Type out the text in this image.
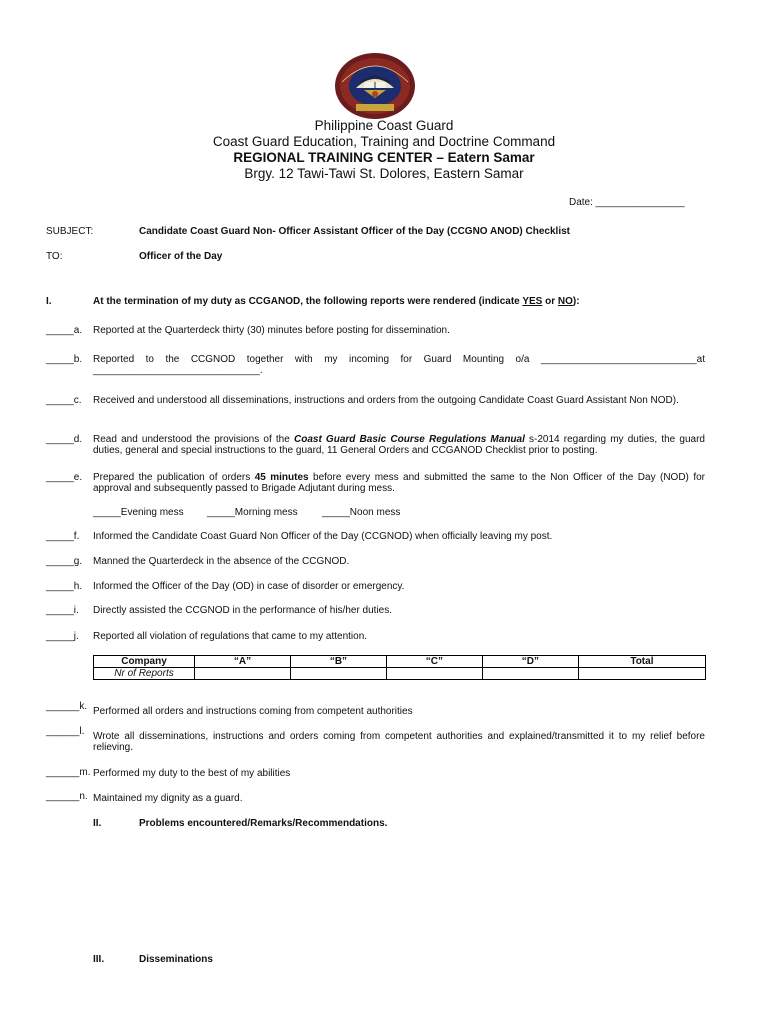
Philippine Coast Guard
Coast Guard Education, Training and Doctrine Command
REGIONAL TRAINING CENTER – Eatern Samar
Brgy. 12 Tawi-Tawi St. Dolores, Eastern Samar
Date: ________________
SUBJECT:	Candidate Coast Guard Non- Officer Assistant Officer of the Day (CCGNO ANOD) Checklist
TO:	Officer of the Day
I.	At the termination of my duty as CCGANOD, the following reports were rendered (indicate YES or NO):
_____a. Reported at the Quarterdeck thirty (30) minutes before posting for dissemination.
_____b. Reported to the CCGNOD together with my incoming for Guard Mounting o/a ____________________________at ______________________________.
_____c. Received and understood all disseminations, instructions and orders from the outgoing Candidate Coast Guard Assistant Non NOD).
_____d. Read and understood the provisions of the Coast Guard Basic Course Regulations Manual s-2014 regarding my duties, the guard duties, general and special instructions to the guard, 11 General Orders and CCGANOD Checklist prior to posting.
_____e. Prepared the publication of orders 45 minutes before every mess and submitted the same to the Non Officer of the Day (NOD) for approval and subsequently passed to Brigade Adjutant during mess.
_____Evening mess _____Morning mess _____Noon mess
_____f. Informed the Candidate Coast Guard Non Officer of the Day (CCGNOD) when officially leaving my post.
_____g. Manned the Quarterdeck in the absence of the CCGNOD.
_____h. Informed the Officer of the Day (OD) in case of disorder or emergency.
_____i. Directly assisted the CCGNOD in the performance of his/her duties.
_____j. Reported all violation of regulations that came to my attention.
Company	“A”	“B”	“C”	“D”	Total
Nr of Reports					
______k. Performed all orders and instructions coming from competent authorities
______l. Wrote all disseminations, instructions and orders coming from competent authorities and explained/transmitted it to my relief before relieving.
______m. Performed my duty to the best of my abilities
______n. Maintained my dignity as a guard.
II.	Problems encountered/Remarks/Recommendations.
III.	Disseminations
